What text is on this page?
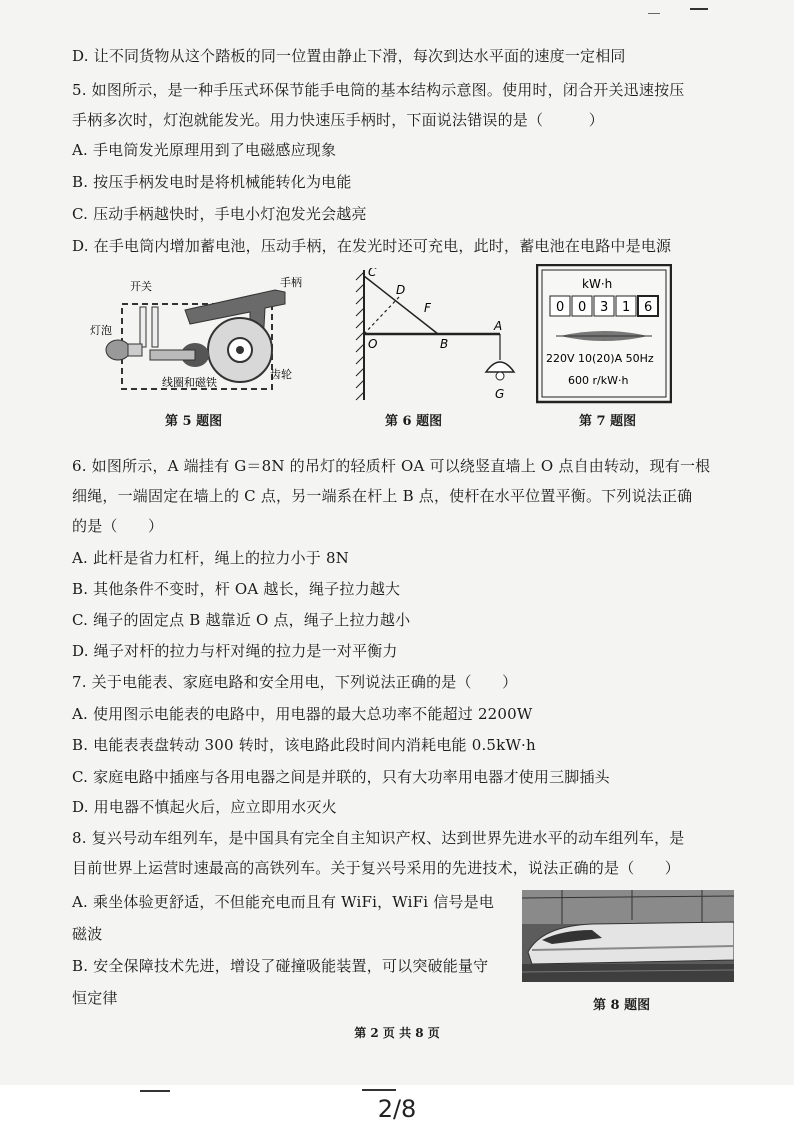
D. 让不同货物从这个踏板的同一位置由静止下滑，每次到达水平面的速度一定相同
5. 如图所示，是一种手压式环保节能手电筒的基本结构示意图。使用时，闭合开关迅速按压
手柄多次时，灯泡就能发光。用力快速压手柄时，下面说法错误的是（　　　）
A. 手电筒发光原理用到了电磁感应现象
B. 按压手柄发电时是将机械能转化为电能
C. 压动手柄越快时，手电小灯泡发光会越亮
D. 在手电筒内增加蓄电池，压动手柄，在发光时还可充电，此时，蓄电池在电路中是电源
开关	手柄
灯泡
线圈和磁铁
齿轮
第 5 题图
C
D
F
O	B
A
G
第 6 题图
kW·h
0 0 3 1 6
220V 10(20)A 50Hz
600 r/kW·h
第 7 题图
6. 如图所示，A 端挂有 G＝8N 的吊灯的轻质杆 OA 可以绕竖直墙上 O 点自由转动，现有一根
细绳，一端固定在墙上的 C 点，另一端系在杆上 B 点，使杆在水平位置平衡。下列说法正确
的是（　　）
A. 此杆是省力杠杆，绳上的拉力小于 8N
B. 其他条件不变时，杆 OA 越长，绳子拉力越大
C. 绳子的固定点 B 越靠近 O 点，绳子上拉力越小
D. 绳子对杆的拉力与杆对绳的拉力是一对平衡力
7. 关于电能表、家庭电路和安全用电，下列说法正确的是（　　）
A. 使用图示电能表的电路中，用电器的最大总功率不能超过 2200W
B. 电能表表盘转动 300 转时，该电路此段时间内消耗电能 0.5kW·h
C. 家庭电路中插座与各用电器之间是并联的，只有大功率用电器才使用三脚插头
D. 用电器不慎起火后，应立即用水灭火
8. 复兴号动车组列车，是中国具有完全自主知识产权、达到世界先进水平的动车组列车，是
目前世界上运营时速最高的高铁列车。关于复兴号采用的先进技术，说法正确的是（　　）
A. 乘坐体验更舒适，不但能充电而且有 WiFi，WiFi 信号是电
磁波
B. 安全保障技术先进，增设了碰撞吸能装置，可以突破能量守
恒定律	第 8 题图
第 2 页 共 8 页
2/8
